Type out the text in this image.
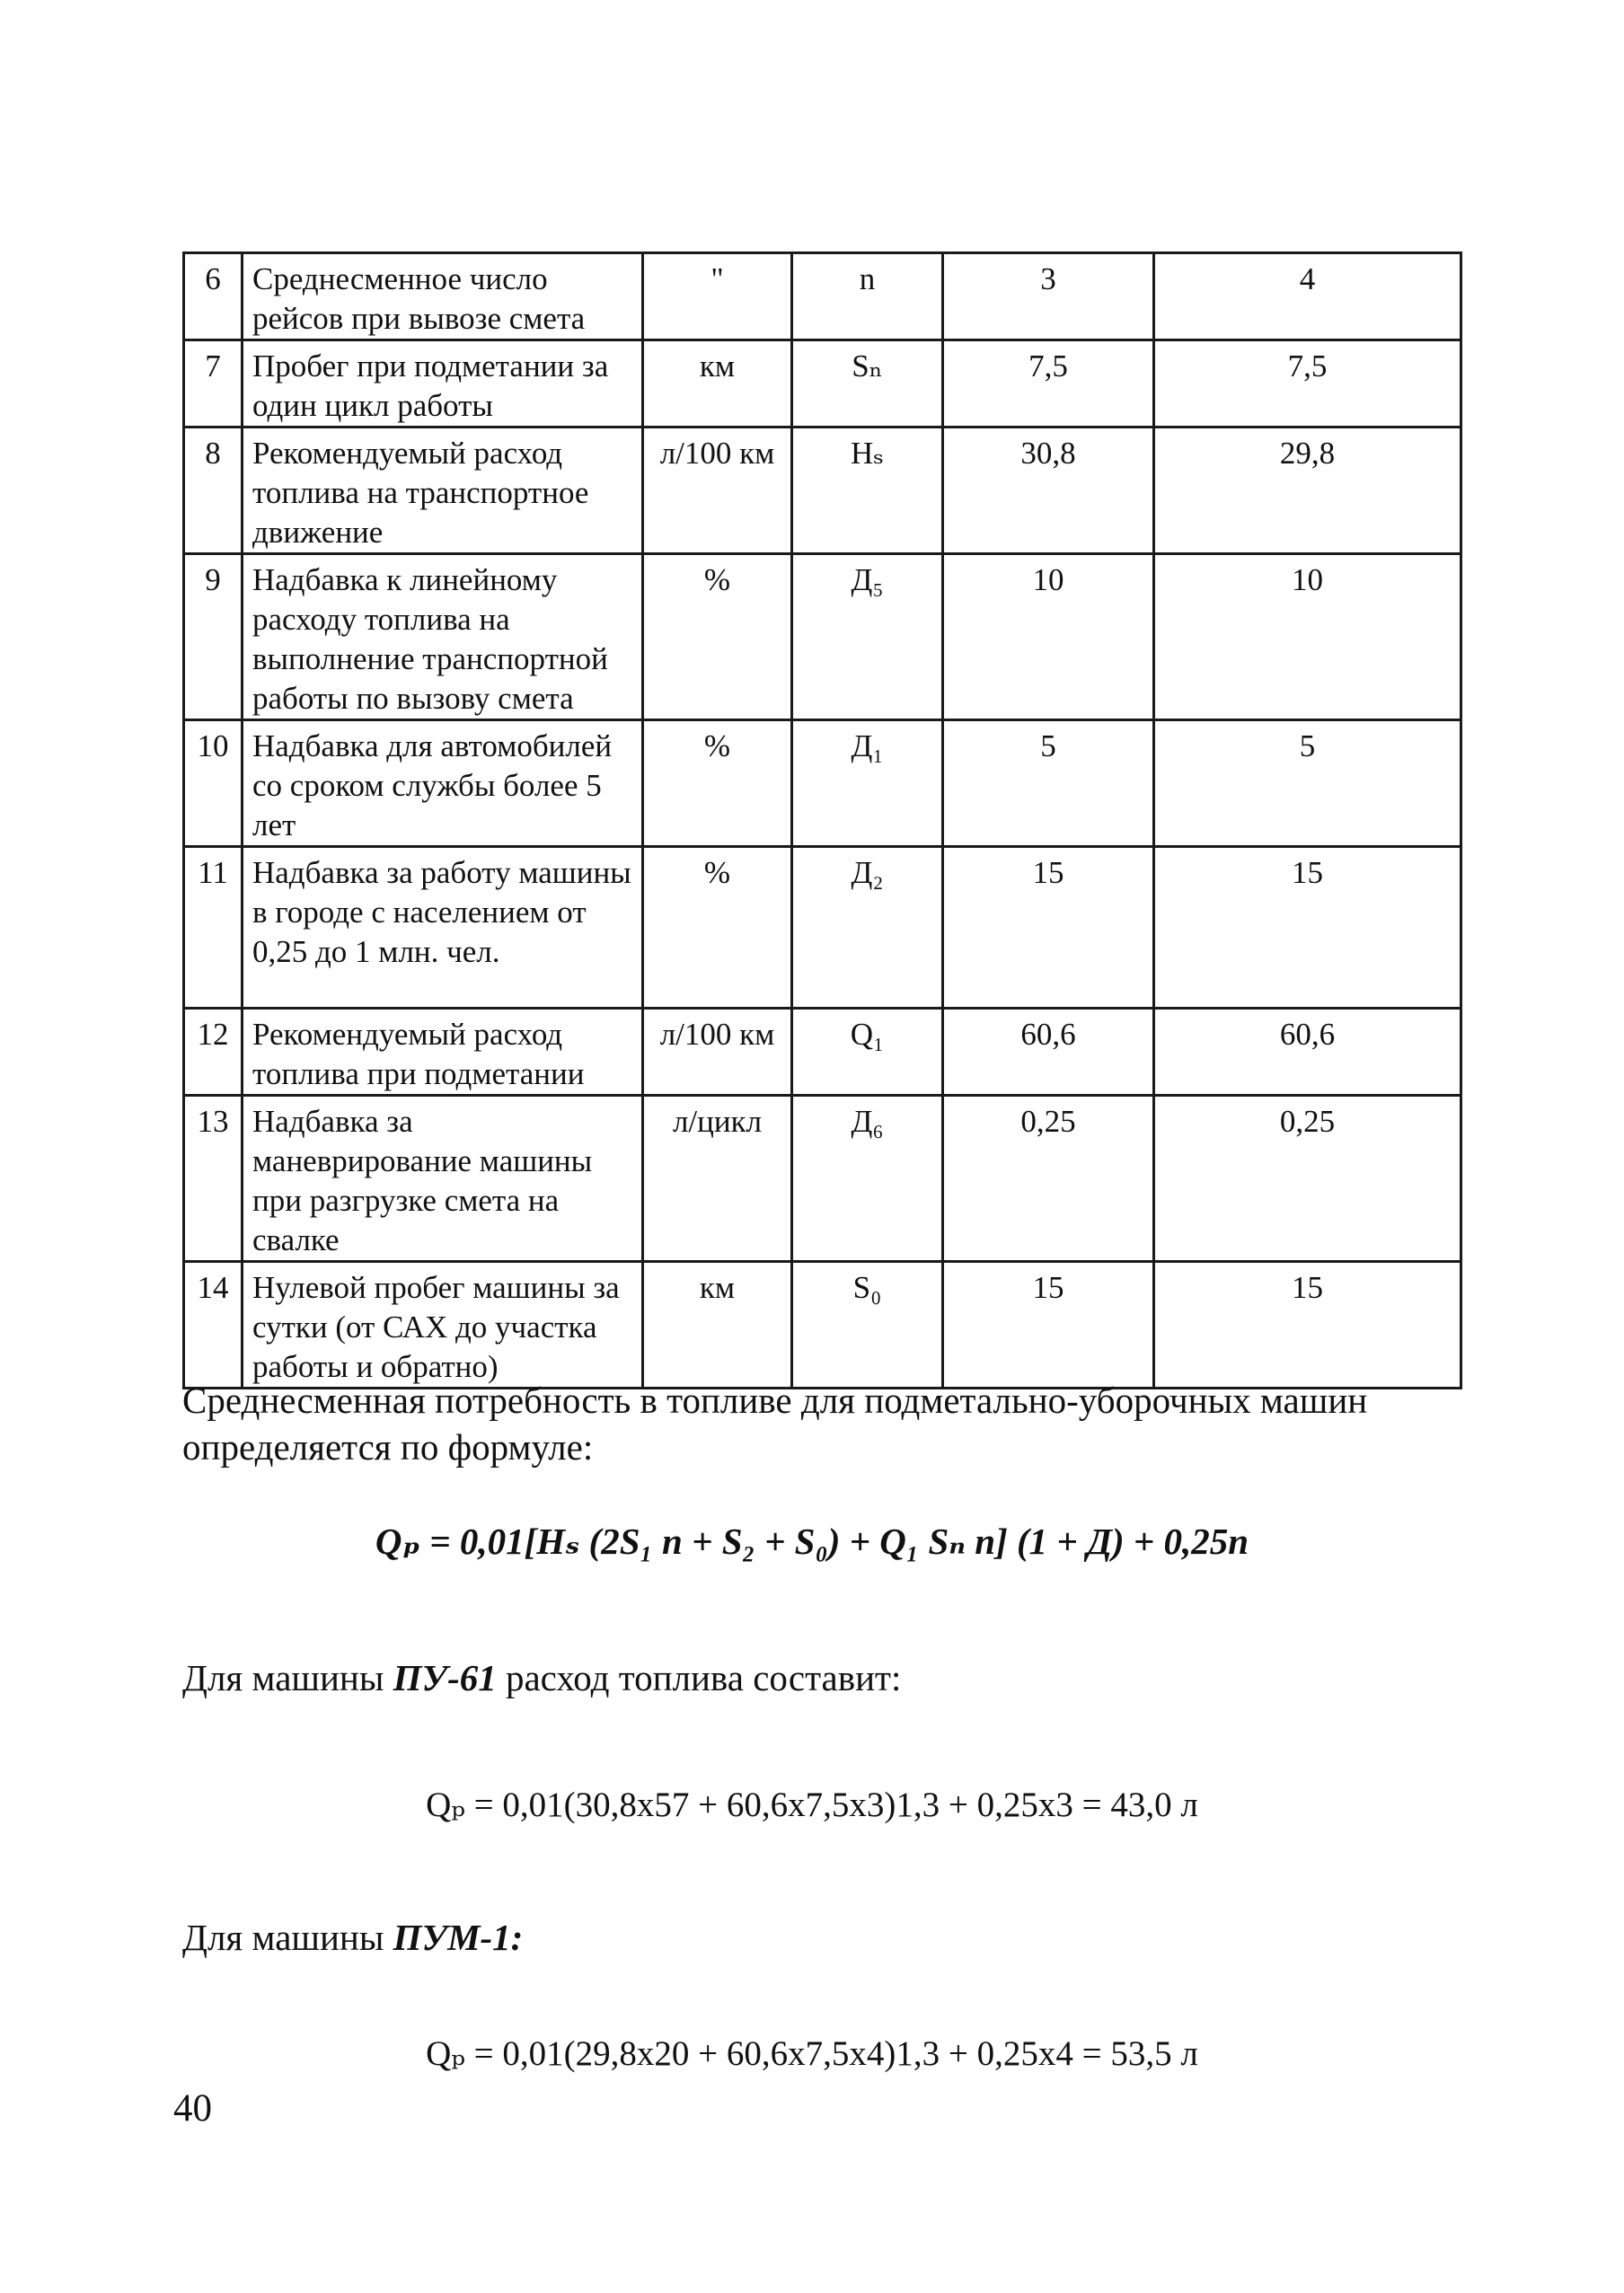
6	Среднесменное число рейсов при вывозе смета	"	n	3	4
7	Пробег при подметании за один цикл работы	км	Sₙ	7,5	7,5
8	Рекомендуемый расход топлива на транспортное движение	л/100 км	Hₛ	30,8	29,8
9	Надбавка к линейному расходу топлива на выполнение транспортной работы по вызову смета	%	Д₅	10	10
10	Надбавка для автомобилей со сроком службы более 5 лет	%	Д₁	5	5
11	Надбавка за работу машины в городе с населением от 0,25 до 1 млн. чел.	%	Д₂	15	15
12	Рекомендуемый расход топлива при подметании	л/100 км	Q₁	60,6	60,6
13	Надбавка за маневрирование машины при разгрузке смета на свалке	л/цикл	Д₆	0,25	0,25
14	Нулевой пробег машины за сутки (от САХ до участка работы и обратно)	км	S₀	15	15

Среднесменная потребность в топливе для подметально-уборочных машин определяется по формуле:

Qₚ = 0,01[Hₛ (2S₁ n + S₂ + S₀) + Q₁ Sₙ n] (1 + Д) + 0,25n

Для машины ПУ-61 расход топлива составит:

Qₚ = 0,01(30,8x57 + 60,6x7,5x3)1,3 + 0,25x3 = 43,0 л

Для машины ПУМ-1:

Qₚ = 0,01(29,8x20 + 60,6x7,5x4)1,3 + 0,25x4 = 53,5 л

40
